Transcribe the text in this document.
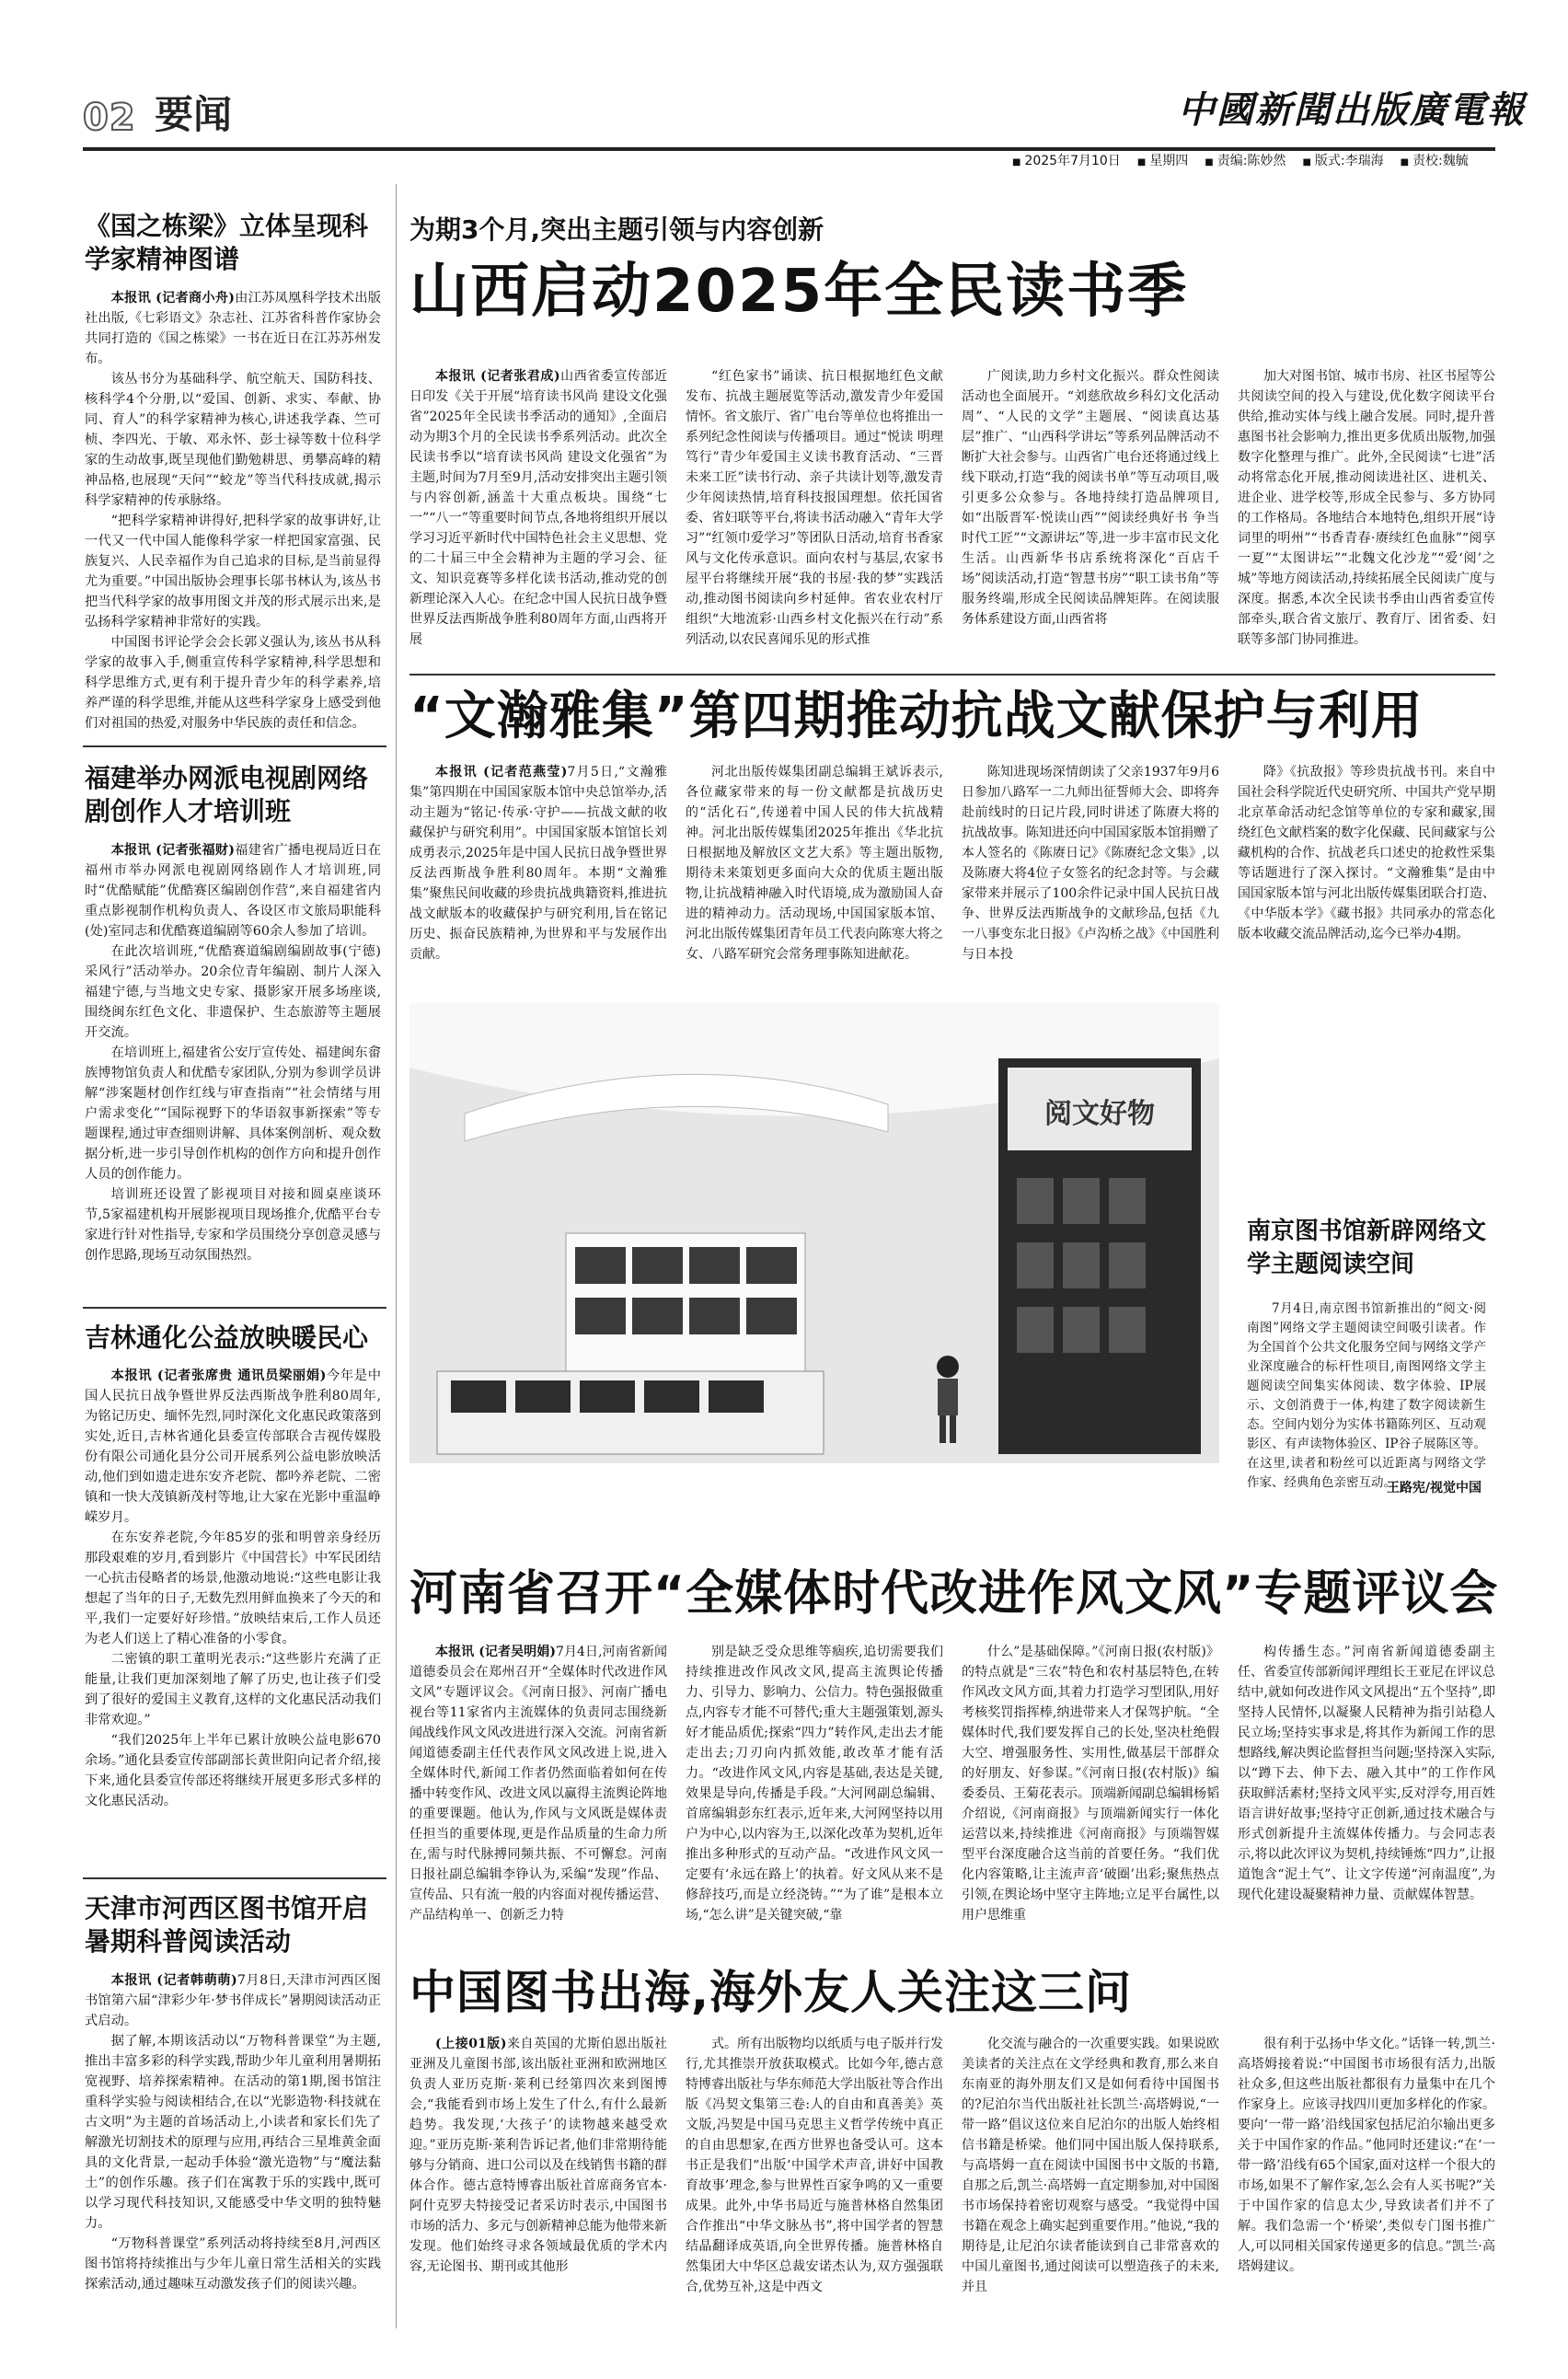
02 要闻	中國新聞出版廣電報
■ 2025年7月10日	■ 星期四	■ 责编:陈妙然	■ 版式:李瑞海	■ 责校:魏毓
《国之栋梁》立体呈现科学家精神图谱

本报讯 (记者商小舟)由江苏凤凰科学技术出版社出版,《七彩语文》杂志社、江苏省科普作家协会共同打造的《国之栋梁》一书在近日在江苏苏州发布。

该丛书分为基础科学、航空航天、国防科技、核科学4个分册,以“爱国、创新、求实、奉献、协同、育人”的科学家精神为核心,讲述我学森、竺可桢、李四光、于敏、邓永怀、彭士禄等数十位科学家的生动故事,既呈现他们勤勉耕思、勇攀高峰的精神品格,也展现“天问”“蛟龙”等当代科技成就,揭示科学家精神的传承脉络。

“把科学家精神讲得好,把科学家的故事讲好,让一代又一代中国人能像科学家一样把国家富强、民族复兴、人民幸福作为自己追求的目标,是当前显得尤为重要。”中国出版协会理事长邬书林认为,该丛书把当代科学家的故事用图文并茂的形式展示出来,是弘扬科学家精神非常好的实践。

中国图书评论学会会长郭义强认为,该丛书从科学家的故事入手,侧重宣传科学家精神,科学思想和科学思维方式,更有利于提升青少年的科学素养,培养严谨的科学思维,并能从这些科学家身上感受到他们对祖国的热爱,对服务中华民族的责任和信念。

福建举办网派电视剧网络剧创作人才培训班

本报讯 (记者张福财)福建省广播电视局近日在福州市举办网派电视剧网络剧作人才培训班,同时“优酷赋能”优酷赛区编剧创作营”,来自福建省内重点影视制作机构负责人、各设区市文旅局职能科(处)室同志和优酷赛道编剧等60余人参加了培训。

在此次培训班,“优酷赛道编剧编剧故事(宁德)采风行”活动举办。20余位青年编剧、制片人深入福建宁德,与当地文史专家、摄影家开展多场座谈,围绕闽东红色文化、非遗保护、生态旅游等主题展开交流。

在培训班上,福建省公安厅宣传处、福建闽东畲族博物馆负责人和优酷专家团队,分别为参训学员讲解“涉案题材创作红线与审查指南”“社会情绪与用户需求变化”“国际视野下的华语叙事新探索”等专题课程,通过审查细则讲解、具体案例剖析、观众数据分析,进一步引导创作机构的创作方向和提升创作人员的创作能力。

培训班还设置了影视项目对接和圆桌座谈环节,5家福建机构开展影视项目现场推介,优酷平台专家进行针对性指导,专家和学员围绕分享创意灵感与创作思路,现场互动氛围热烈。

吉林通化公益放映暖民心

本报讯 (记者张席贵 通讯员梁丽娟)今年是中国人民抗日战争暨世界反法西斯战争胜利80周年,为铭记历史、缅怀先烈,同时深化文化惠民政策落到实处,近日,吉林省通化县委宣传部联合吉视传媒股份有限公司通化县分公司开展系列公益电影放映活动,他们到如遗走进东安齐老院、都吟养老院、二密镇和一快大茂镇新茂村等地,让大家在光影中重温峥嵘岁月。

在东安养老院,今年85岁的张和明曾亲身经历那段艰难的岁月,看到影片《中国营长》中军民团结一心抗击侵略者的场景,他激动地说:“这些电影让我想起了当年的日子,无数先烈用鲜血换来了今天的和平,我们一定要好好珍惜。”放映结束后,工作人员还为老人们送上了精心准备的小零食。

二密镇的职工董明光表示:“这些影片充满了正能量,让我们更加深刻地了解了历史,也让孩子们受到了很好的爱国主义教育,这样的文化惠民活动我们非常欢迎。”

“我们2025年上半年已累计放映公益电影670余场。”通化县委宣传部副部长黄世阳向记者介绍,接下来,通化县委宣传部还将继续开展更多形式多样的文化惠民活动。

天津市河西区图书馆开启暑期科普阅读活动

本报讯 (记者韩萌萌)7月8日,天津市河西区图书馆第六届“津彩少年·梦书伴成长”暑期阅读活动正式启动。

据了解,本期该活动以“万物科普课堂”为主题,推出丰富多彩的科学实践,帮助少年儿童利用暑期拓宽视野、培养探索精神。在活动的第1期,图书馆注重科学实验与阅读相结合,在以“光影造物·科技就在古文明”为主题的首场活动上,小读者和家长们先了解激光切割技术的原理与应用,再结合三星堆黄金面具的文化背景,一起动手体验“激光造物”与“魔法黏土”的创作乐趣。孩子们在寓教于乐的实践中,既可以学习现代科技知识,又能感受中华文明的独特魅力。

“万物科普课堂”系列活动将持续至8月,河西区图书馆将持续推出与少年儿童日常生活相关的实践探索活动,通过趣味互动激发孩子们的阅读兴趣。

为期3个月,突出主题引领与内容创新
山西启动2025年全民读书季

本报讯 (记者张君成)山西省委宣传部近日印发《关于开展“培育读书风尚 建设文化强省”2025年全民读书季活动的通知》,全面启动为期3个月的全民读书季系列活动。此次全民读书季以“培育读书风尚 建设文化强省”为主题,时间为7月至9月,活动安排突出主题引领与内容创新,涵盖十大重点板块。围绕“七一”“八一”等重要时间节点,各地将组织开展以学习习近平新时代中国特色社会主义思想、党的二十届三中全会精神为主题的学习会、征文、知识竞赛等多样化读书活动,推动党的创新理论深入人心。在纪念中国人民抗日战争暨世界反法西斯战争胜利80周年方面,山西将开展

“红色家书”诵读、抗日根据地红色文献发布、抗战主题展览等活动,激发青少年爱国情怀。省文旅厅、省广电台等单位也将推出一系列纪念性阅读与传播项目。通过“悦读 明理 笃行”青少年爱国主义读书教育活动、“三晋未来工匠”读书行动、亲子共读计划等,激发青少年阅读热情,培育科技报国理想。依托国省委、省妇联等平台,将读书活动融入“青年大学习”“红领巾爱学习”等团队日活动,培育书香家风与文化传承意识。面向农村与基层,农家书屋平台将继续开展“我的书屋·我的梦”实践活动,推动图书阅读向乡村延伸。省农业农村厅组织“大地流彩·山西乡村文化振兴在行动”系列活动,以农民喜闻乐见的形式推

广阅读,助力乡村文化振兴。群众性阅读活动也全面展开。“刘慈欣故乡科幻文化活动周”、“人民的文学”主题展、“阅读真达基层”推广、“山西科学讲坛”等系列品牌活动不断扩大社会参与。山西省广电台还将通过线上线下联动,打造“我的阅读书单”等互动项目,吸引更多公众参与。各地持续打造品牌项目,如“出版晋军·悦读山西”“阅读经典好书 争当时代工匠”“文源讲坛”等,进一步丰富市民文化生活。山西新华书店系统将深化“百店千场”阅读活动,打造“智慧书房”“职工读书角”等服务终端,形成全民阅读品牌矩阵。在阅读服务体系建设方面,山西省将

加大对图书馆、城市书房、社区书屋等公共阅读空间的投入与建设,优化数字阅读平台供给,推动实体与线上融合发展。同时,提升普惠图书社会影响力,推出更多优质出版物,加强数字化整理与推广。此外,全民阅读“七进”活动将常态化开展,推动阅读进社区、进机关、进企业、进学校等,形成全民参与、多方协同的工作格局。各地结合本地特色,组织开展“诗词里的明州”“书香青春·赓续红色血脉”“阅享一夏”“太图讲坛”“北魏文化沙龙”“爱‘阅’之城”等地方阅读活动,持续拓展全民阅读广度与深度。据悉,本次全民读书季由山西省委宣传部牵头,联合省文旅厅、教育厅、团省委、妇联等多部门协同推进。

“文瀚雅集”第四期推动抗战文献保护与利用

本报讯 (记者范燕莹)7月5日,“文瀚雅集”第四期在中国国家版本馆中央总馆举办,活动主题为“铭记·传承·守护——抗战文献的收藏保护与研究利用”。中国国家版本馆馆长刘成勇表示,2025年是中国人民抗日战争暨世界反法西斯战争胜利80周年。本期“文瀚雅集”聚焦民间收藏的珍贵抗战典籍资料,推进抗战文献版本的收藏保护与研究利用,旨在铭记历史、振奋民族精神,为世界和平与发展作出贡献。

河北出版传媒集团副总编辑王斌诉表示,各位藏家带来的每一份文献都是抗战历史的“活化石”,传递着中国人民的伟大抗战精神。河北出版传媒集团2025年推出《华北抗日根据地及解放区文艺大系》等主题出版物,期待未来策划更多面向大众的优质主题出版物,让抗战精神融入时代语境,成为激励国人奋进的精神动力。活动现场,中国国家版本馆、河北出版传媒集团青年员工代表向陈寒大将之女、八路军研究会常务理事陈知进献花。

陈知进现场深情朗读了父亲1937年9月6日参加八路军一二九师出征誓师大会、即将奔赴前线时的日记片段,同时讲述了陈赓大将的抗战故事。陈知进还向中国国家版本馆捐赠了本人签名的《陈赓日记》《陈赓纪念文集》,以及陈赓大将4位子女签名的纪念封等。与会藏家带来并展示了100余件记录中国人民抗日战争、世界反法西斯战争的文献珍品,包括《九一八事变东北日报》《卢沟桥之战》《中国胜利与日本投

降》《抗敌报》等珍贵抗战书刊。来自中国社会科学院近代史研究所、中国共产党早期北京革命活动纪念馆等单位的专家和藏家,围绕红色文献档案的数字化保藏、民间藏家与公藏机构的合作、抗战老兵口述史的抢救性采集等话题进行了深入探讨。“文瀚雅集”是由中国国家版本馆与河北出版传媒集团联合打造、《中华版本学》《藏书报》共同承办的常态化版本收藏交流品牌活动,迄今已举办4期。

阅文好物
南京图书馆新辟网络文学主题阅读空间
7月4日,南京图书馆新推出的“阅文·阅南图”网络文学主题阅读空间吸引读者。作为全国首个公共文化服务空间与网络文学产业深度融合的标杆性项目,南图网络文学主题阅读空间集实体阅读、数字体验、IP展示、文创消费于一体,构建了数字阅读新生态。空间内划分为实体书籍陈列区、互动观影区、有声读物体验区、IP谷子展陈区等。在这里,读者和粉丝可以近距离与网络文学作家、经典角色亲密互动。
王路宪/视觉中国
河南省召开“全媒体时代改进作风文风”专题评议会

本报讯 (记者吴明娟)7月4日,河南省新闻道德委员会在郑州召开“全媒体时代改进作风文风”专题评议会。《河南日报》、河南广播电视台等11家省内主流媒体的负责同志围绕新闻战线作风文风改进进行深入交流。河南省新闻道德委副主任代表作风文风改进上说,进入全媒体时代,新闻工作者仍然面临着如何在传播中转变作风、改进文风以赢得主流舆论阵地的重要课题。他认为,作风与文风既是媒体责任担当的重要体现,更是作品质量的生命力所在,需与时代脉搏同频共振、不可懈怠。河南日报社副总编辑李铮认为,采编“发现”作品、宣传品、只有流一般的内容面对视传播运营、产品结构单一、创新乏力特

别是缺乏受众思维等痼疾,追切需要我们持续推进改作风改文风,提高主流舆论传播力、引导力、影响力、公信力。特色强报做重点,内容专才能不可替代;重大主题强策划,源头好才能品质优;探索“四力”转作风,走出去才能走出去;刀刃向内抓效能,敢改革才能有活力。“改进作风文风,内容是基础,表达是关键,效果是导向,传播是手段。”大河网副总编辑、首席编辑彭东红表示,近年来,大河网坚持以用户为中心,以内容为王,以深化改革为契机,近年推出多种形式的互动产品。“改进作风文风一定要有‘永远在路上’的执着。好文风从来不是修辞技巧,而是立经浇铸。”“为了谁”是根本立场,“怎么讲”是关键突破,“靠

什么”是基础保障。”《河南日报(农村版)》的特点就是“三农”特色和农村基层特色,在转作风改文风方面,其着力打造学习型团队,用好考核奖罚指挥棒,纳进带来人才保驾护航。“全媒体时代,我们要发挥自己的长处,坚决杜绝假大空、增强服务性、实用性,做基层干部群众的好朋友、好参谋。”《河南日报(农村版)》编委委员、王菊花表示。顶端新闻副总编辑杨韬介绍说,《河南商报》与顶端新闻实行一体化运营以来,持续推进《河南商报》与顶端智媒型平台深度融合这当前的首要任务。“我们优化内容策略,让主流声音‘破圈’出彩;聚焦热点引领,在舆论场中坚守主阵地;立足平台属性,以用户思维重

构传播生态。”河南省新闻道德委副主任、省委宣传部新闻评理组长王亚尼在评议总结中,就如何改进作风文风提出“五个坚持”,即坚持人民情怀,以凝聚人民精神为指引站稳人民立场;坚持实事求是,将其作为新闻工作的思想路线,解决舆论监督担当问题;坚持深入实际,以“蹲下去、伸下去、融入其中”的工作作风获取鲜活素材;坚持文风平实,反对浮夸,用百姓语言讲好故事;坚持守正创新,通过技术融合与形式创新提升主流媒体传播力。与会同志表示,将以此次评议为契机,持续锤炼“四力”,让报道饱含“泥土气”、让文字传递“河南温度”,为现代化建设凝聚精神力量、贡献媒体智慧。

中国图书出海,海外友人关注这三问

(上接01版)来自英国的尤斯伯恩出版社亚洲及儿童图书部,该出版社亚洲和欧洲地区负责人亚历克斯·莱利已经第四次来到图博会,“我能看到市场上发生了什么,有什么最新趋势。我发现,‘大孩子’的读物越来越受欢迎。”亚历克斯·莱利告诉记者,他们非常期待能够与分销商、进口公司以及在线销售书籍的群体合作。德古意特博睿出版社首席商务官本·阿什克罗夫特接受记者采访时表示,中国图书市场的活力、多元与创新精神总能为他带来新发现。他们始终寻求各领域最优质的学术内容,无论图书、期刊或其他形

式。所有出版物均以纸质与电子版并行发行,尤其推崇开放获取模式。比如今年,德古意特博睿出版社与华东师范大学出版社等合作出版《冯契文集第三卷:人的自由和真善美》英文版,冯契是中国马克思主义哲学传统中真正的自由思想家,在西方世界也备受认可。这本书正是我们“出版‘中国学术声音,讲好中国教育故事’理念,参与世界性百家争鸣的又一重要成果。此外,中华书局近与施普林格自然集团合作推出“中华文脉丛书”,将中国学者的智慧结晶翻译成英语,向全世界传播。施普林格自然集团大中华区总裁安诺杰认为,双方强强联合,优势互补,这是中西文

化交流与融合的一次重要实践。如果说欧美读者的关注点在文学经典和教育,那么来自东南亚的海外朋友们又是如何看待中国图书的?尼泊尔当代出版社社长凯兰·高塔姆说,“一带一路”倡议这位来自尼泊尔的出版人始终相信书籍是桥梁。他们同中国出版人保持联系,与高塔姆一直在阅读中国图书中文版的书籍,自那之后,凯兰·高塔姆一直定期参加,对中国图书市场保持着密切观察与感受。“我觉得中国书籍在观念上确实起到重要作用。”他说,“我的期待是,让尼泊尔读者能读到自己非常喜欢的中国儿童图书,通过阅读可以塑造孩子的未来,并且

很有利于弘扬中华文化。”话锋一转,凯兰·高塔姆接着说:“中国图书市场很有活力,出版社众多,但这些出版社都很有力量集中在几个作家身上。应该寻找四川更加多样化的作家。要向‘一带一路’沿线国家包括尼泊尔输出更多关于中国作家的作品。”他同时还建议:“在‘一带一路’沿线有65个国家,面对这样一个很大的市场,如果不了解作家,怎么会有人买书呢?”关于中国作家的信息太少,导致读者们并不了解。我们急需一个‘桥梁’,类似专门图书推广人,可以同相关国家传递更多的信息。”凯兰·高塔姆建议。
